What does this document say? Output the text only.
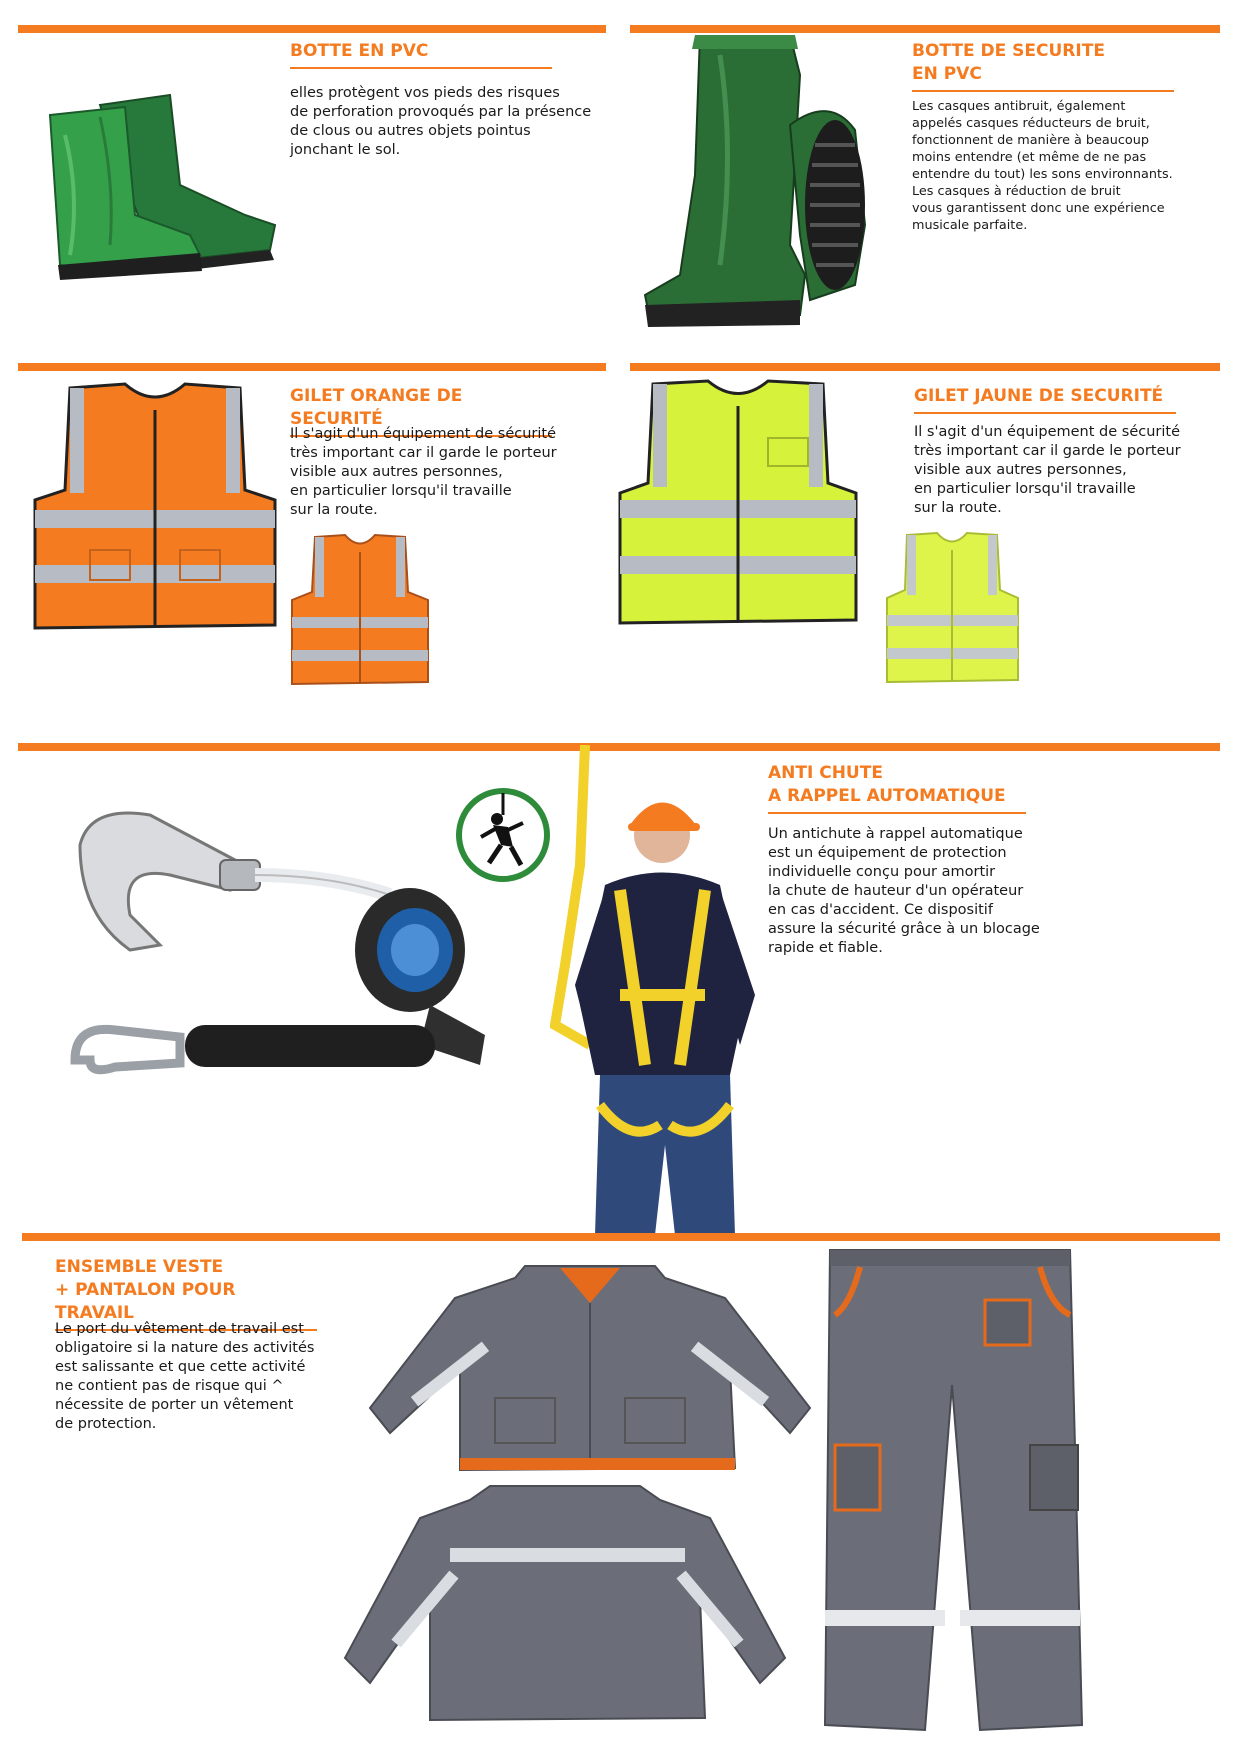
BOTTE EN PVC

elles protègent vos pieds des risques
de perforation provoqués par la présence
de clous ou autres objets pointus
jonchant le sol.

BOTTE DE SECURITE
EN PVC

Les casques antibruit, également
appelés casques réducteurs de bruit,
fonctionnent de manière à beaucoup
moins entendre (et même de ne pas
entendre du tout) les sons environnants.
Les casques à réduction de bruit
vous garantissent donc une expérience
musicale parfaite.

GILET ORANGE DE SECURITÉ

Il s'agit d'un équipement de sécurité
très important car il garde le porteur
visible aux autres personnes,
en particulier lorsqu'il travaille
sur la route.

GILET JAUNE DE SECURITÉ

Il s'agit d'un équipement de sécurité
très important car il garde le porteur
visible aux autres personnes,
en particulier lorsqu'il travaille
sur la route.

ANTI CHUTE
A RAPPEL AUTOMATIQUE

Un antichute à rappel automatique
est un équipement de protection
individuelle conçu pour amortir
la chute de hauteur d'un opérateur
en cas d'accident. Ce dispositif
assure la sécurité grâce à un blocage
rapide et fiable.

ENSEMBLE VESTE
+ PANTALON POUR TRAVAIL

Le port du vêtement de travail est
obligatoire si la nature des activités
est salissante et que cette activité
ne contient pas de risque qui ^
nécessite de porter un vêtement
de protection.
